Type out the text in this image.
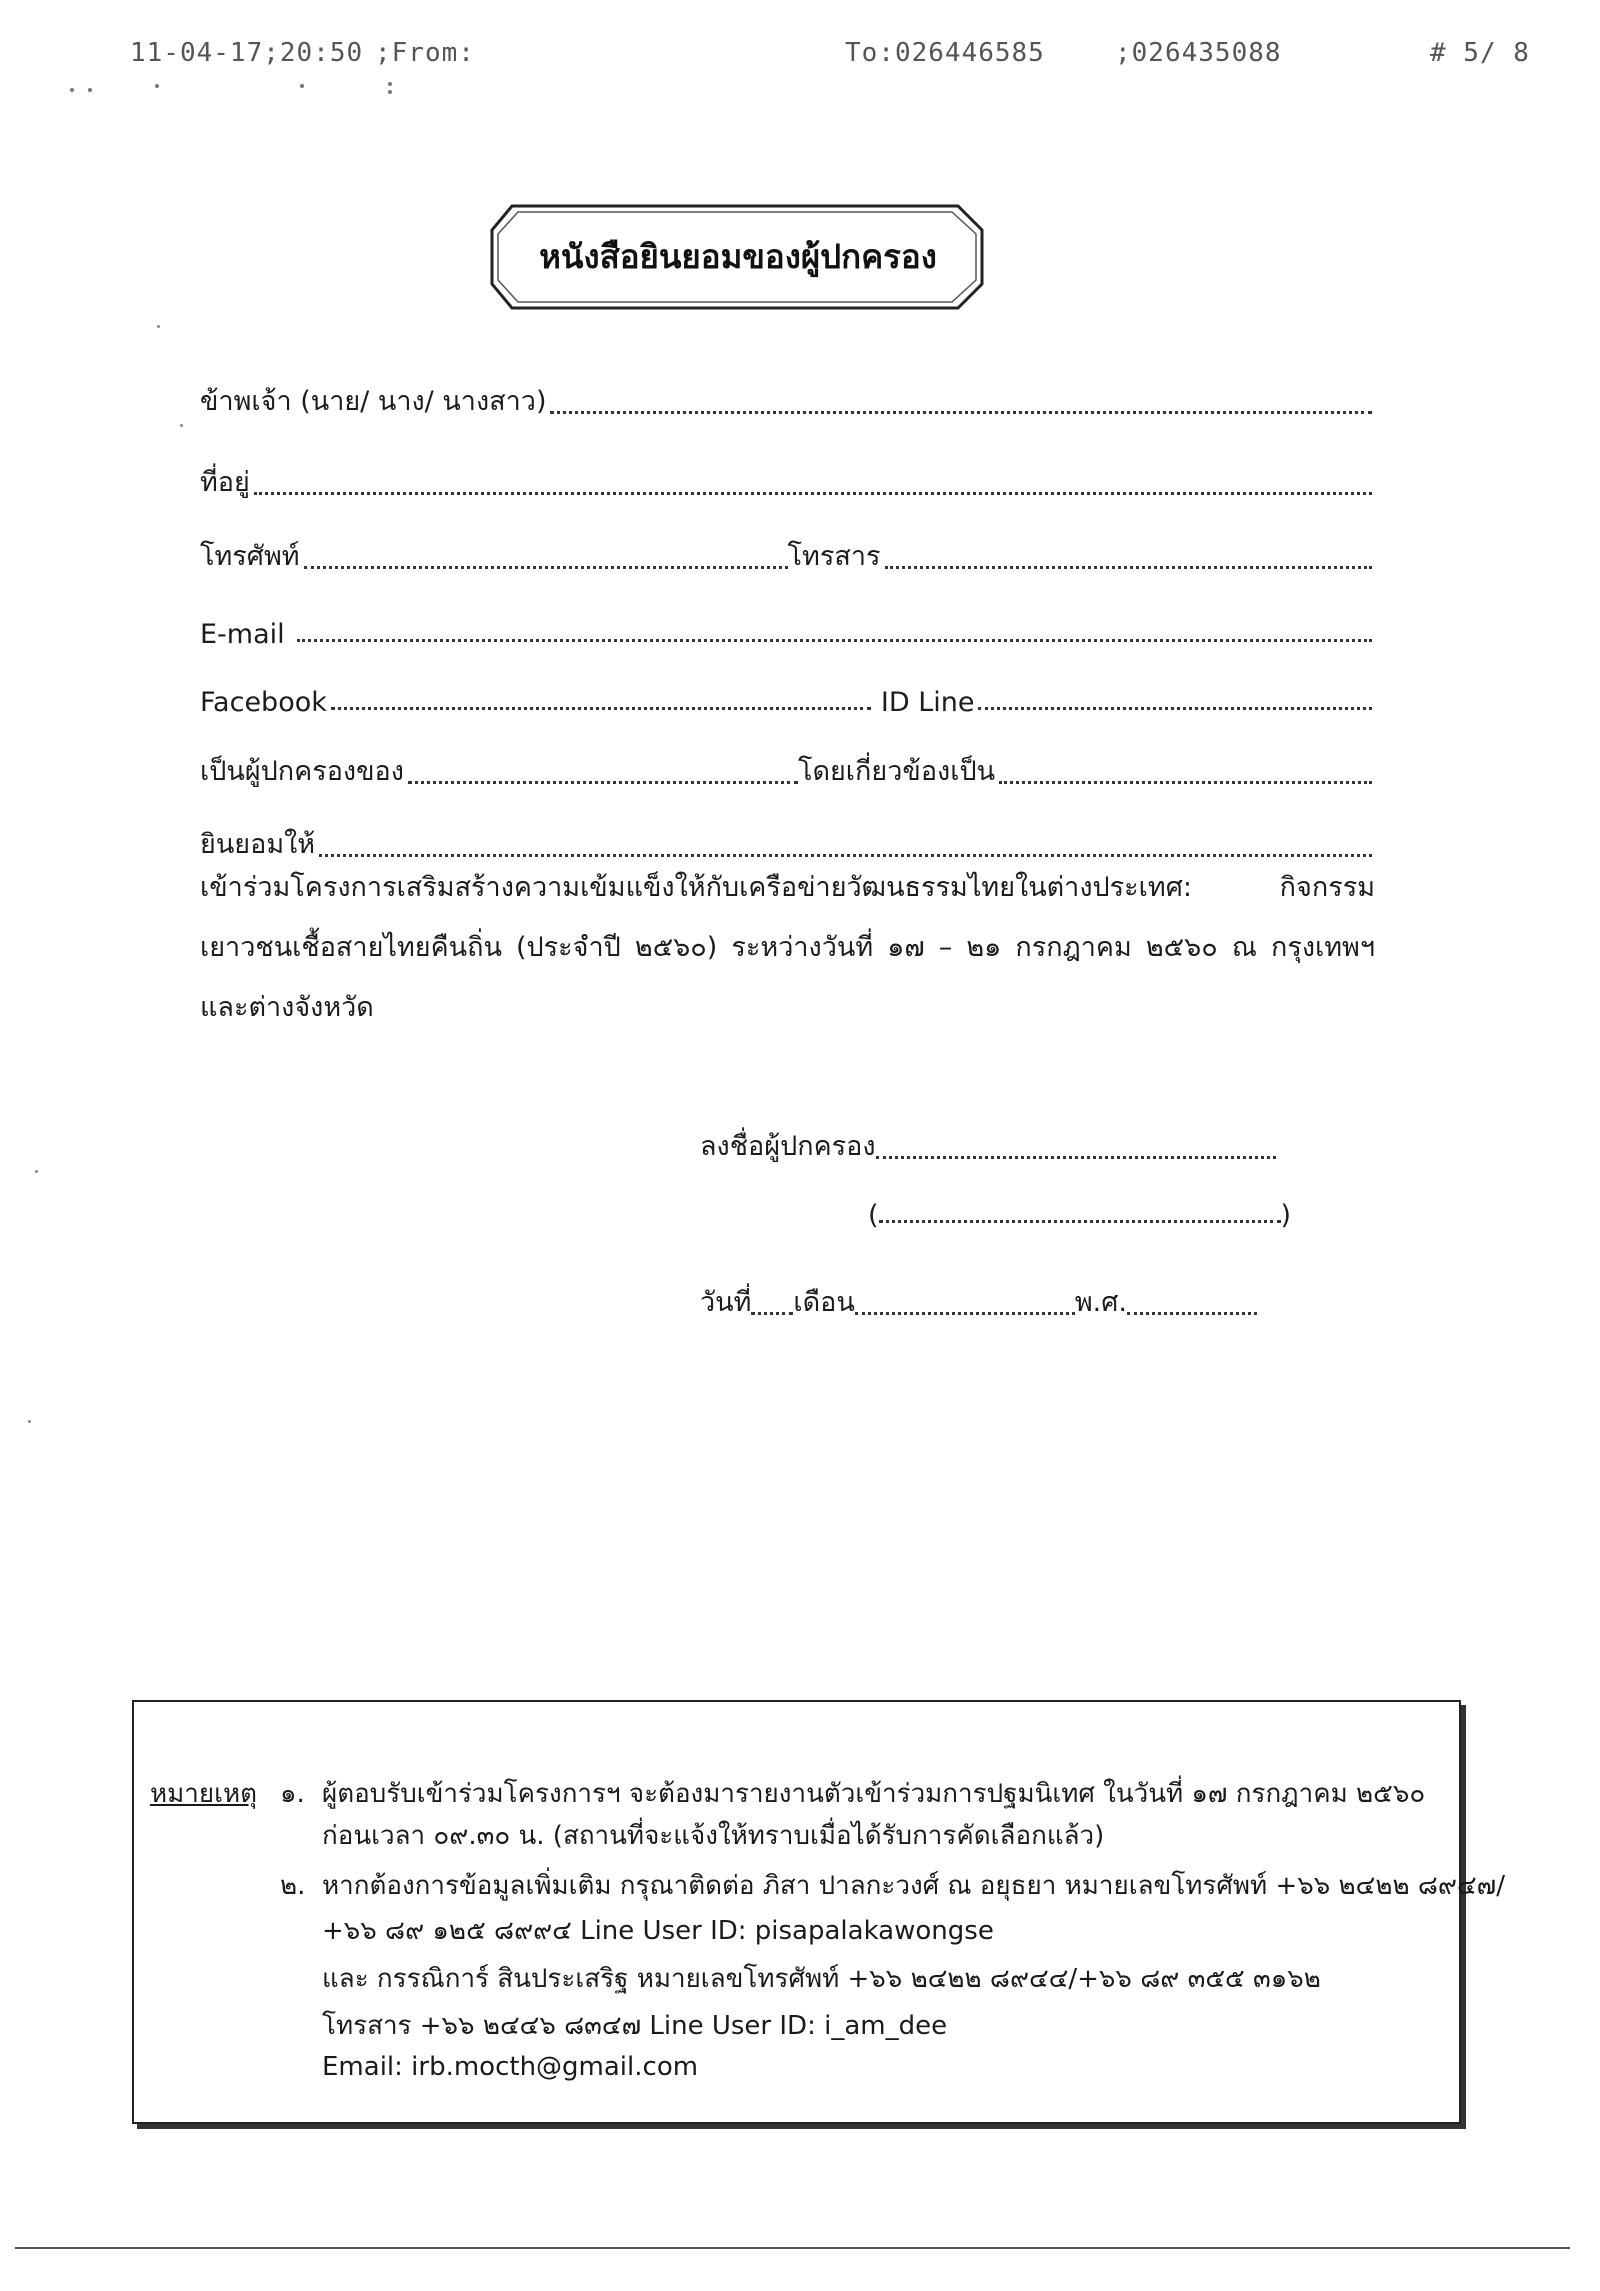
11-04-17;20:50 ;From:	To:026446585	;026435088	# 5/ 8
หนังสือยินยอมของผู้ปกครอง
ข้าพเจ้า (นาย/ นาง/ นางสาว)
ที่อยู่
โทรศัพท์	โทรสาร
E-mail
Facebook	ID Line
เป็นผู้ปกครองของ	โดยเกี่ยวข้องเป็น
ยินยอมให้
เข้าร่วมโครงการเสริมสร้างความเข้มแข็งให้กับเครือข่ายวัฒนธรรมไทยในต่างประเทศ: กิจกรรมเยาวชนเชื้อสายไทยคืนถิ่น (ประจำปี ๒๕๖๐) ระหว่างวันที่ ๑๗ – ๒๑ กรกฎาคม ๒๕๖๐ ณ กรุงเทพฯ และต่างจังหวัด
ลงชื่อผู้ปกครอง
(	)
วันที่ เดือน	พ.ศ.
หมายเหตุ ๑. ผู้ตอบรับเข้าร่วมโครงการฯ จะต้องมารายงานตัวเข้าร่วมการปฐมนิเทศ ในวันที่ ๑๗ กรกฎาคม ๒๕๖๐
ก่อนเวลา ๐๙.๓๐ น. (สถานที่จะแจ้งให้ทราบเมื่อได้รับการคัดเลือกแล้ว)
๒. หากต้องการข้อมูลเพิ่มเติม กรุณาติดต่อ ภิสา ปาลกะวงศ์ ณ อยุธยา หมายเลขโทรศัพท์ +๖๖ ๒๔๒๒ ๘๙๔๗/
+๖๖ ๘๙ ๑๒๕ ๘๙๙๔ Line User ID: pisapalakawongse
และ กรรณิการ์ สินประเสริฐ หมายเลขโทรศัพท์ +๖๖ ๒๔๒๒ ๘๙๔๔/+๖๖ ๘๙ ๓๕๕ ๓๑๖๒
โทรสาร +๖๖ ๒๔๔๖ ๘๓๔๗ Line User ID: i_am_dee
Email: irb.mocth@gmail.com
